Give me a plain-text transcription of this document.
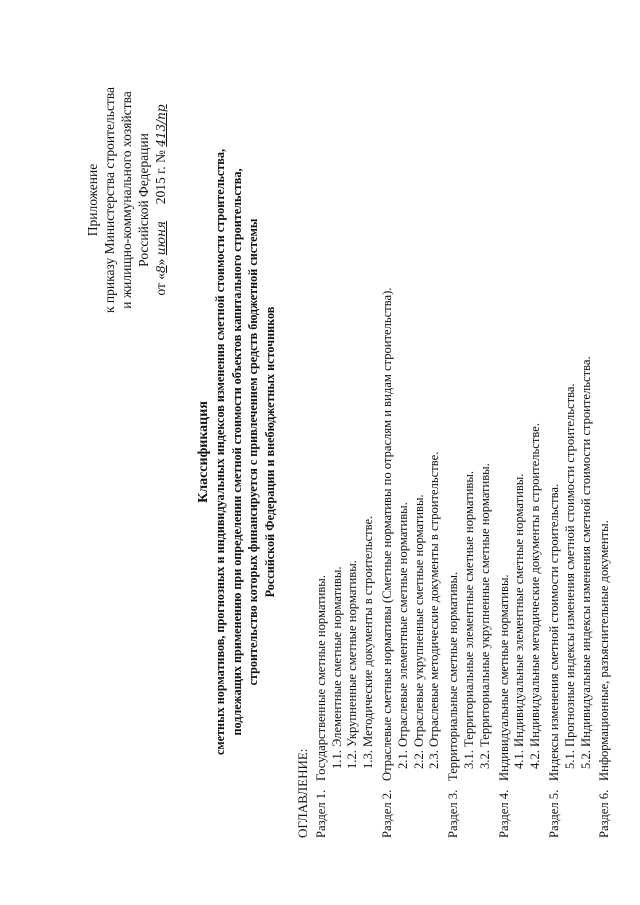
Приложение к приказу Министерства строительства и жилищно-коммунального хозяйства Российской Федерации
от «8» июня     2015 г. № 413/пр
Классификация сметных нормативов, прогнозных и индивидуальных индексов изменения сметной стоимости строительства, подлежащих применению при определении сметной стоимости объектов капитального строительства, строительство которых финансируется с привлечением средств бюджетной системы Российской Федерации и внебюджетных источников
ОГЛАВЛЕНИЕ: Раздел 1.
Государственные сметные нормативы. 1.1. Элементные сметные нормативы. 1.2. Укрупненные сметные нормативы. 1.3. Методические документы в строительстве.
Раздел 2.
Отраслевые сметные нормативы (Сметные нормативы по отраслям и видам строительства). 2.1. Отраслевые элементные сметные нормативы. 2.2. Отраслевые укрупненные сметные нормативы. 2.3. Отраслевые методические документы в строительстве.
Раздел 3.
Территориальные сметные нормативы. 3.1. Территориальные элементные сметные нормативы. 3.2. Территориальные укрупненные сметные нормативы.
Раздел 4.
Индивидуальные сметные нормативы. 4.1. Индивидуальные элементные сметные нормативы. 4.2. Индивидуальные методические документы в строительстве.
Раздел 5.
Индексы изменения сметной стоимости строительства. 5.1. Прогнозные индексы изменения сметной стоимости строительства. 5.2. Индивидуальные индексы изменения сметной стоимости строительства.
Раздел 6.
Информационные, разъяснительные документы.
